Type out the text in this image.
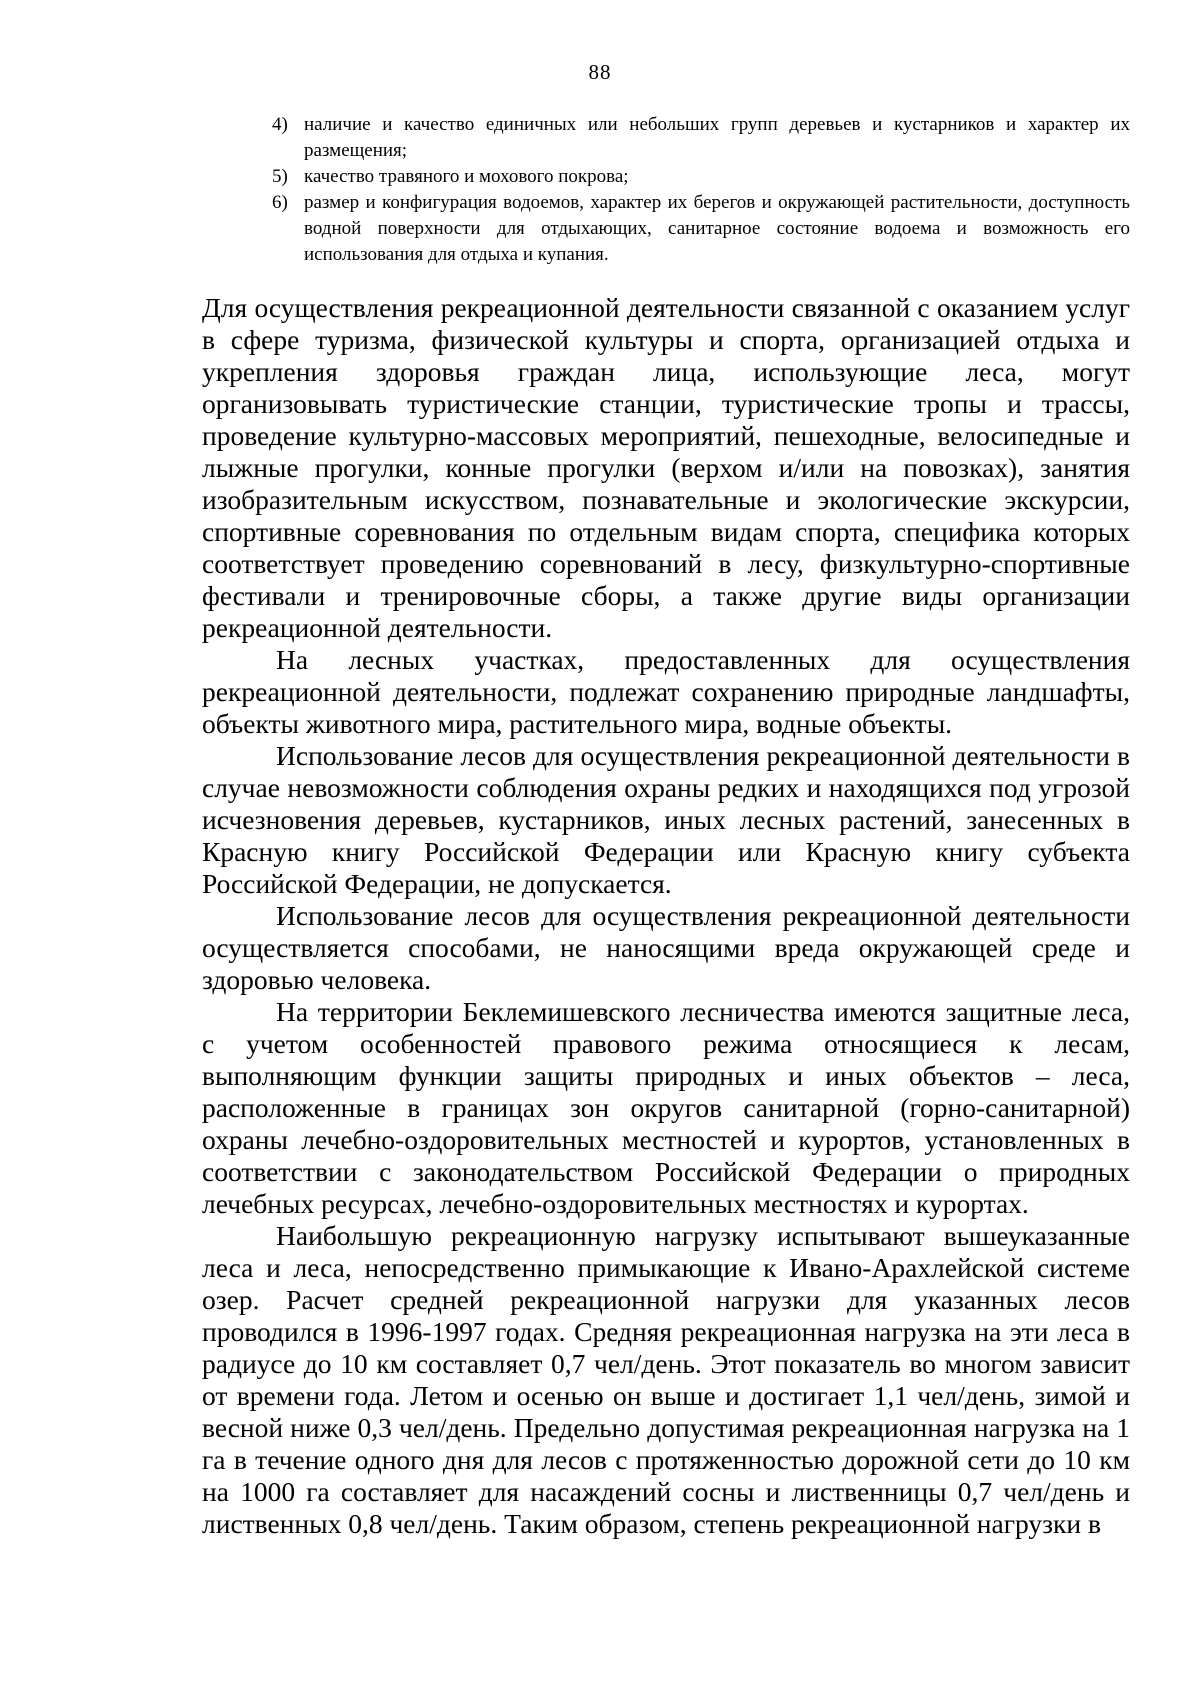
88
4) наличие и качество единичных или небольших групп деревьев и кустарников и характер их размещения;
5) качество травяного и мохового покрова;
6) размер и конфигурация водоемов, характер их берегов и окружающей растительности, доступность водной поверхности для отдыхающих, санитарное состояние водоема и возможность его использования для отдыха и купания.

Для осуществления рекреационной деятельности связанной с оказанием услуг в сфере туризма, физической культуры и спорта, организацией отдыха и укрепления здоровья граждан лица, использующие леса, могут организовывать туристические станции, туристические тропы и трассы, проведение культурно-массовых мероприятий, пешеходные, велосипедные и лыжные прогулки, конные прогулки (верхом и/или на повозках), занятия изобразительным искусством, познавательные и экологические экскурсии, спортивные соревнования по отдельным видам спорта, специфика которых соответствует проведению соревнований в лесу, физкультурно-спортивные фестивали и тренировочные сборы, а также другие виды организации рекреационной деятельности.

На лесных участках, предоставленных для осуществления рекреационной деятельности, подлежат сохранению природные ландшафты, объекты животного мира, растительного мира, водные объекты.

Использование лесов для осуществления рекреационной деятельности в случае невозможности соблюдения охраны редких и находящихся под угрозой исчезновения деревьев, кустарников, иных лесных растений, занесенных в Красную книгу Российской Федерации или Красную книгу субъекта Российской Федерации, не допускается.

Использование лесов для осуществления рекреационной деятельности осуществляется способами, не наносящими вреда окружающей среде и здоровью человека.

На территории Беклемишевского лесничества имеются защитные леса, с учетом особенностей правового режима относящиеся к лесам, выполняющим функции защиты природных и иных объектов – леса, расположенные в границах зон округов санитарной (горно-санитарной) охраны лечебно-оздоровительных местностей и курортов, установленных в соответствии с законодательством Российской Федерации о природных лечебных ресурсах, лечебно-оздоровительных местностях и курортах.

Наибольшую рекреационную нагрузку испытывают вышеуказанные леса и леса, непосредственно примыкающие к Ивано-Арахлейской системе озер. Расчет средней рекреационной нагрузки для указанных лесов проводился в 1996-1997 годах. Средняя рекреационная нагрузка на эти леса в радиусе до 10 км составляет 0,7 чел/день. Этот показатель во многом зависит от времени года. Летом и осенью он выше и достигает 1,1 чел/день, зимой и весной ниже 0,3 чел/день. Предельно допустимая рекреационная нагрузка на 1 га в течение одного дня для лесов с протяженностью дорожной сети до 10 км на 1000 га составляет для насаждений сосны и лиственницы 0,7 чел/день и лиственных 0,8 чел/день. Таким образом, степень рекреационной нагрузки в
